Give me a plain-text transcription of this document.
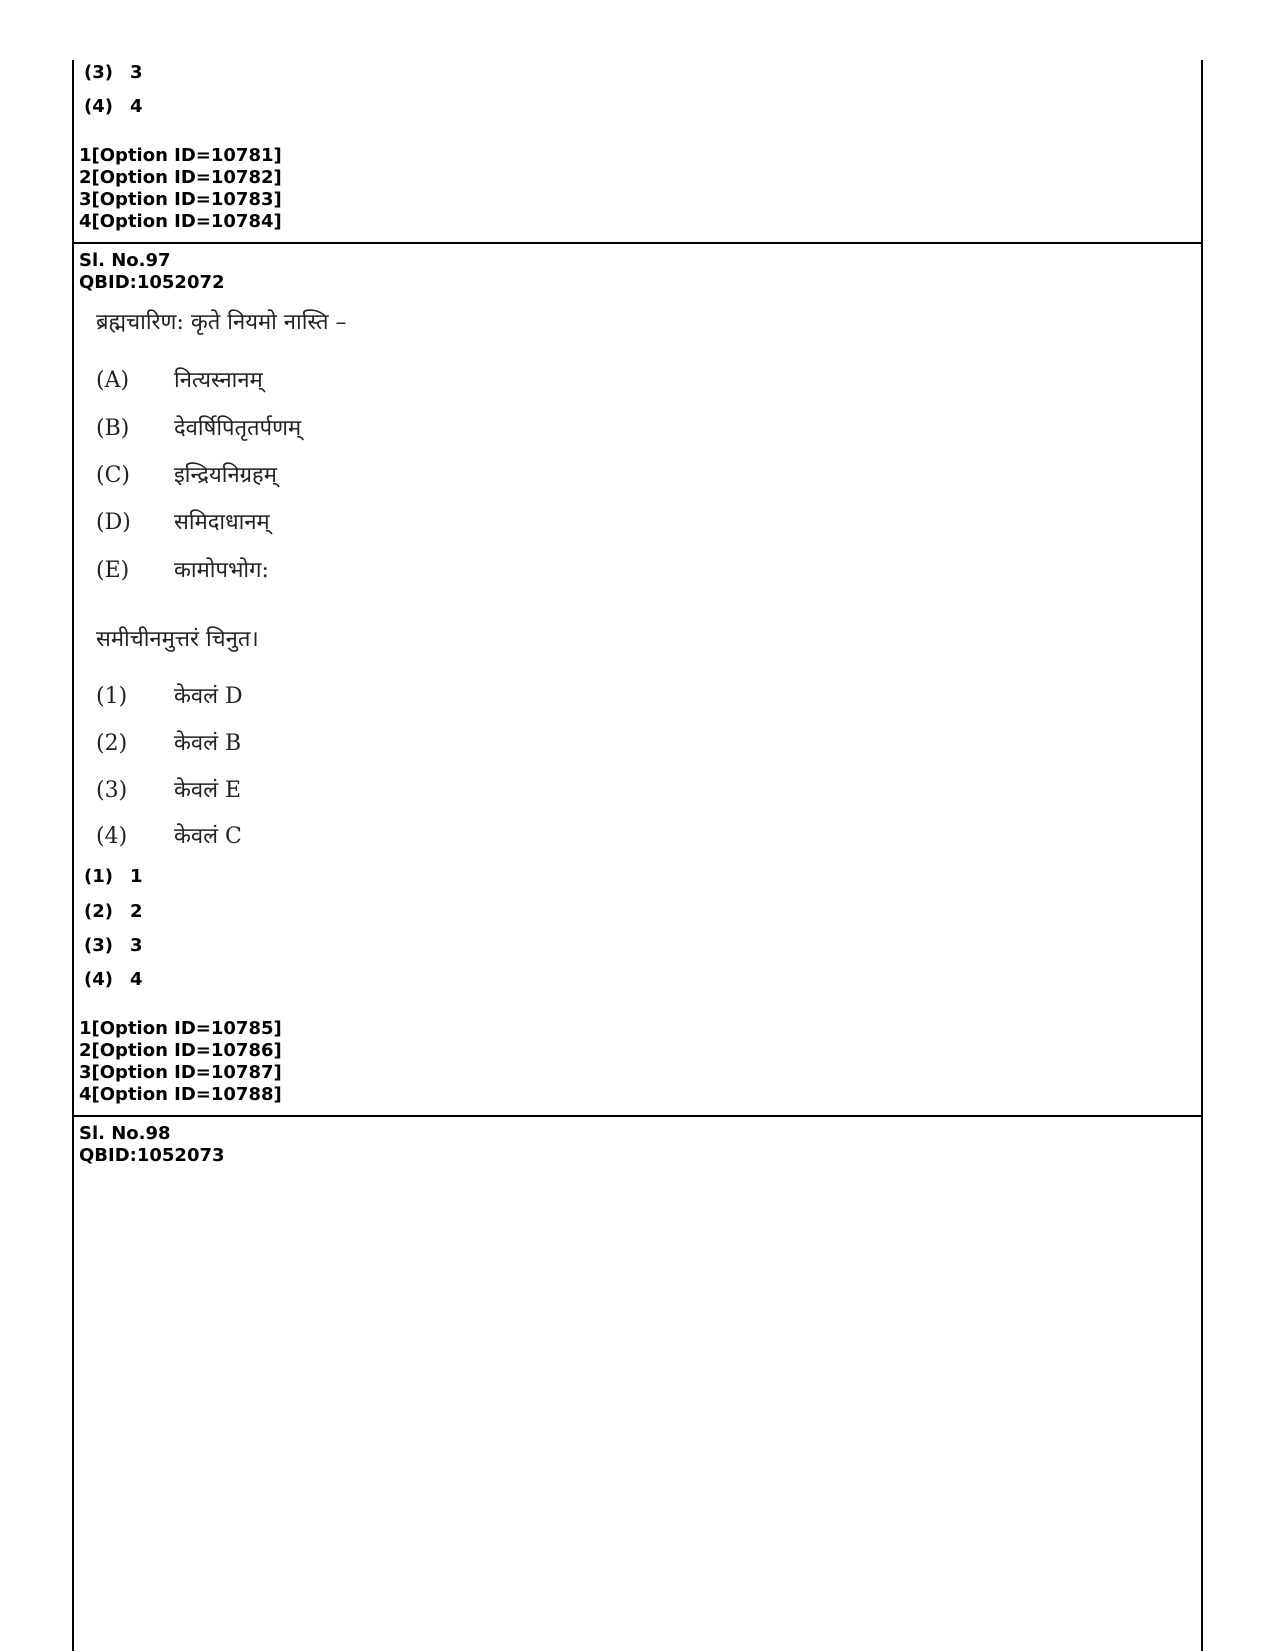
(3) 3
(4) 4
1[Option ID=10781]
2[Option ID=10782]
3[Option ID=10783]
4[Option ID=10784]
Sl. No.97
QBID:1052072
ब्रह्मचारिण: कृते नियमो नास्ति –
(A) नित्यस्नानम्
(B) देवर्षिपितृतर्पणम्
(C) इन्द्रियनिग्रहम्
(D) समिदाधानम्
(E) कामोपभोग:
समीचीनमुत्तरं चिनुत।
(1) केवलं D
(2) केवलं B
(3) केवलं E
(4) केवलं C
(1) 1
(2) 2
(3) 3
(4) 4
1[Option ID=10785]
2[Option ID=10786]
3[Option ID=10787]
4[Option ID=10788]
Sl. No.98
QBID:1052073
